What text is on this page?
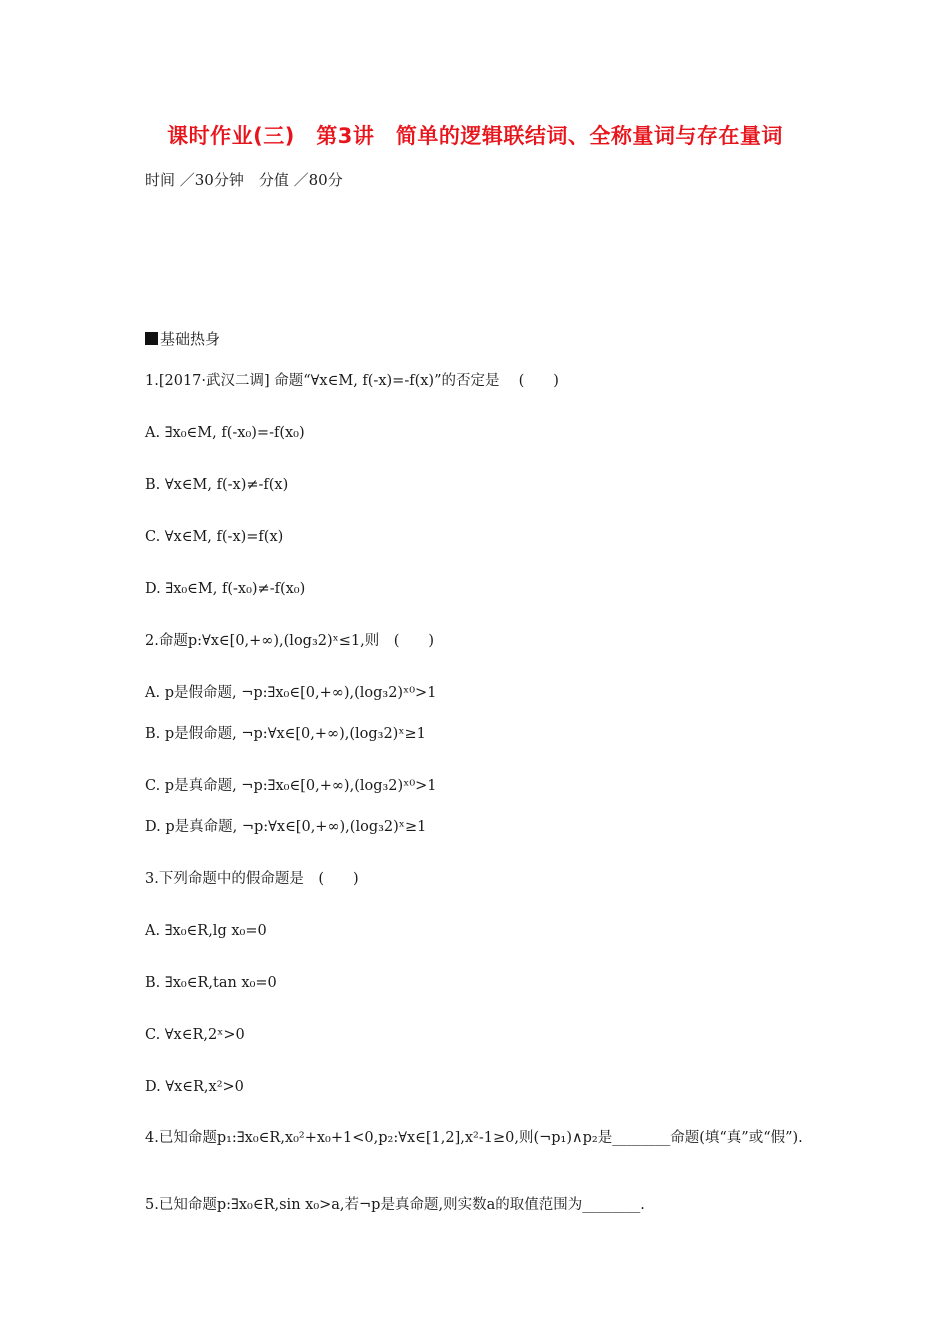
课时作业(三)　第3讲　简单的逻辑联结词、全称量词与存在量词
时间 ／30分钟　分值 ／80分
基础热身
1.[2017·武汉二调] 命题“∀x∈M, f(-x)=-f(x)”的否定是　 (　　)
A. ∃x₀∈M, f(-x₀)=-f(x₀)
B. ∀x∈M, f(-x)≠-f(x)
C. ∀x∈M, f(-x)=f(x)
D. ∃x₀∈M, f(-x₀)≠-f(x₀)
2.命题p:∀x∈[0,+∞),(log₃2)ˣ≤1,则　(　　)
A. p是假命题, ¬p:∃x₀∈[0,+∞),(log₃2)ˣ⁰>1
B. p是假命题, ¬p:∀x∈[0,+∞),(log₃2)ˣ≥1
C. p是真命题, ¬p:∃x₀∈[0,+∞),(log₃2)ˣ⁰>1
D. p是真命题, ¬p:∀x∈[0,+∞),(log₃2)ˣ≥1
3.下列命题中的假命题是　(　　)
A. ∃x₀∈R,lg x₀=0
B. ∃x₀∈R,tan x₀=0
C. ∀x∈R,2ˣ>0
D. ∀x∈R,x²>0
4.已知命题p₁:∃x₀∈R,x₀²+x₀+1<0,p₂:∀x∈[1,2],x²-1≥0,则(¬p₁)∧p₂是________命题(填“真”或“假”).
5.已知命题p:∃x₀∈R,sin x₀>a,若¬p是真命题,则实数a的取值范围为________.
